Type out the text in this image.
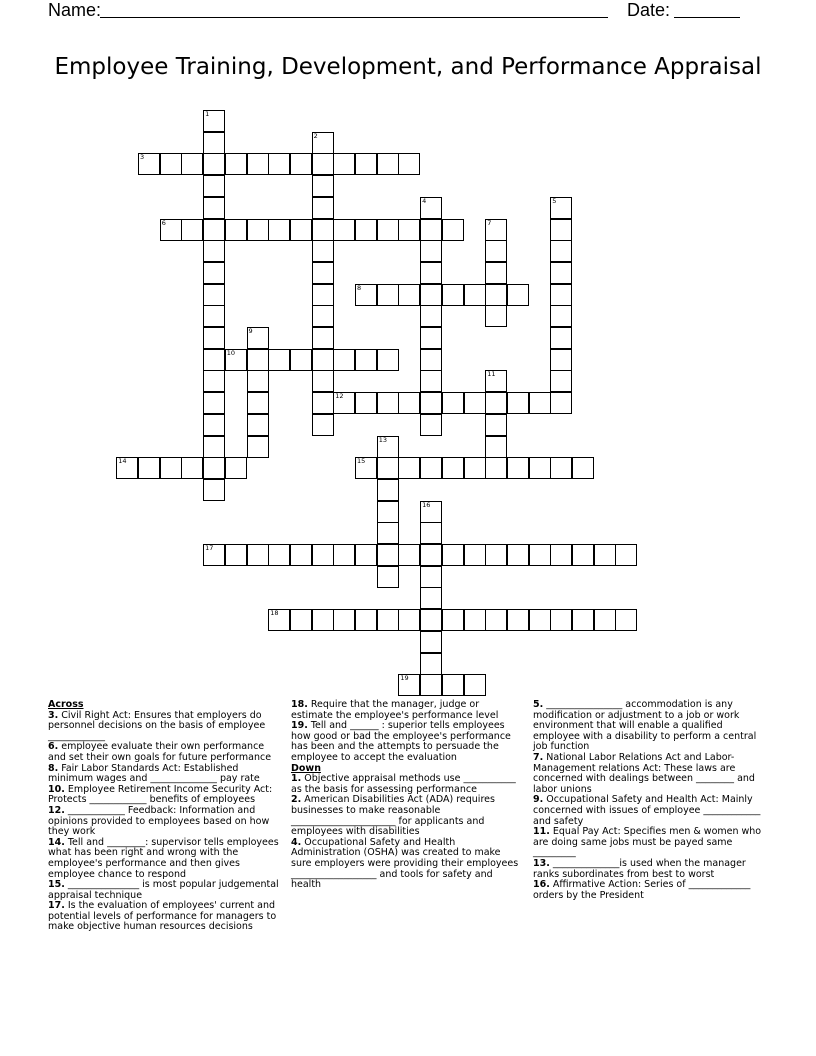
Name:	Date:
Employee Training, Development, and Performance Appraisal
1
2
3
4	5
6	7
8
9
10
11
12
13
14	15
16
17
18
19
Across
3. Civil Right Act: Ensures that employers do personnel decisions on the basis of employee ____________
6. employee evaluate their own performance and set their own goals for future performance
8. Fair Labor Standards Act: Established minimum wages and ______________ pay rate
10. Employee Retirement Income Security Act: Protects ____________ benefits of employees
12. ____________ Feedback: Information and opinions provided to employees based on how they work
14. Tell and ________: supervisor tells employees what has been right and wrong with the employee's performance and then gives employee chance to respond
15. _______________ is most popular judgemental appraisal technique
17. Is the evaluation of employees' current and potential levels of performance for managers to make objective human resources decisions
18. Require that the manager, judge or estimate the employee's performance level
19. Tell and ______ : superior tells employees how good or bad the employee's performance has been and the attempts to persuade the employee to accept the evaluation
Down
1. Objective appraisal methods use ___________ as the basis for assessing performance
2. American Disabilities Act (ADA) requires businesses to make reasonable ______________________ for applicants and employees with disabilities
4. Occupational Safety and Health Administration (OSHA) was created to make sure employers were providing their employees __________________ and tools for safety and health
5. ________________ accommodation is any modification or adjustment to a job or work environment that will enable a qualified employee with a disability to perform a central job function
7. National Labor Relations Act and Labor-Management relations Act: These laws are concerned with dealings between ________ and labor unions
9. Occupational Safety and Health Act: Mainly concerned with issues of employee ____________ and safety
11. Equal Pay Act: Specifies men & women who are doing same jobs must be payed same _________
13. ______________is used when the manager ranks subordinates from best to worst
16. Affirmative Action: Series of _____________ orders by the President
